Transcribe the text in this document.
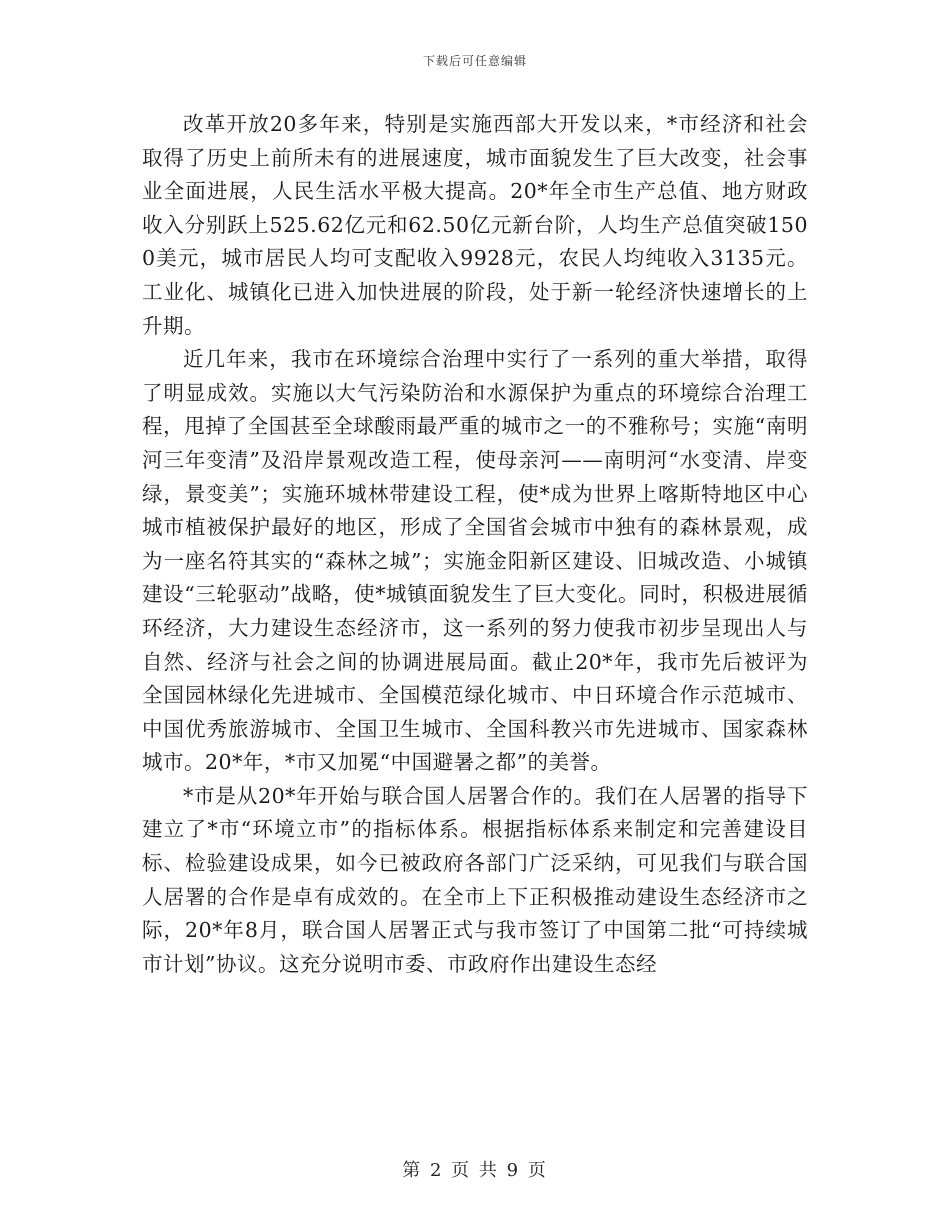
下载后可任意编辑

改革开放20多年来，特别是实施西部大开发以来，*市经济和社会取得了历史上前所未有的进展速度，城市面貌发生了巨大改变，社会事业全面进展，人民生活水平极大提高。20*年全市生产总值、地方财政收入分别跃上525.62亿元和62.50亿元新台阶，人均生产总值突破1500美元，城市居民人均可支配收入9928元，农民人均纯收入3135元。工业化、城镇化已进入加快进展的阶段，处于新一轮经济快速增长的上升期。

近几年来，我市在环境综合治理中实行了一系列的重大举措，取得了明显成效。实施以大气污染防治和水源保护为重点的环境综合治理工程，甩掉了全国甚至全球酸雨最严重的城市之一的不雅称号；实施“南明河三年变清”及沿岸景观改造工程，使母亲河——南明河“水变清、岸变绿，景变美”；实施环城林带建设工程，使*成为世界上喀斯特地区中心城市植被保护最好的地区，形成了全国省会城市中独有的森林景观，成为一座名符其实的“森林之城”；实施金阳新区建设、旧城改造、小城镇建设“三轮驱动”战略，使*城镇面貌发生了巨大变化。同时，积极进展循环经济，大力建设生态经济市，这一系列的努力使我市初步呈现出人与自然、经济与社会之间的协调进展局面。截止20*年，我市先后被评为全国园林绿化先进城市、全国模范绿化城市、中日环境合作示范城市、中国优秀旅游城市、全国卫生城市、全国科教兴市先进城市、国家森林城市。20*年，*市又加冕“中国避暑之都”的美誉。

*市是从20*年开始与联合国人居署合作的。我们在人居署的指导下建立了*市“环境立市”的指标体系。根据指标体系来制定和完善建设目标、检验建设成果，如今已被政府各部门广泛采纳，可见我们与联合国人居署的合作是卓有成效的。在全市上下正积极推动建设生态经济市之际，20*年8月，联合国人居署正式与我市签订了中国第二批“可持续城市计划”协议。这充分说明市委、市政府作出建设生态经

第 2 页 共 9 页
